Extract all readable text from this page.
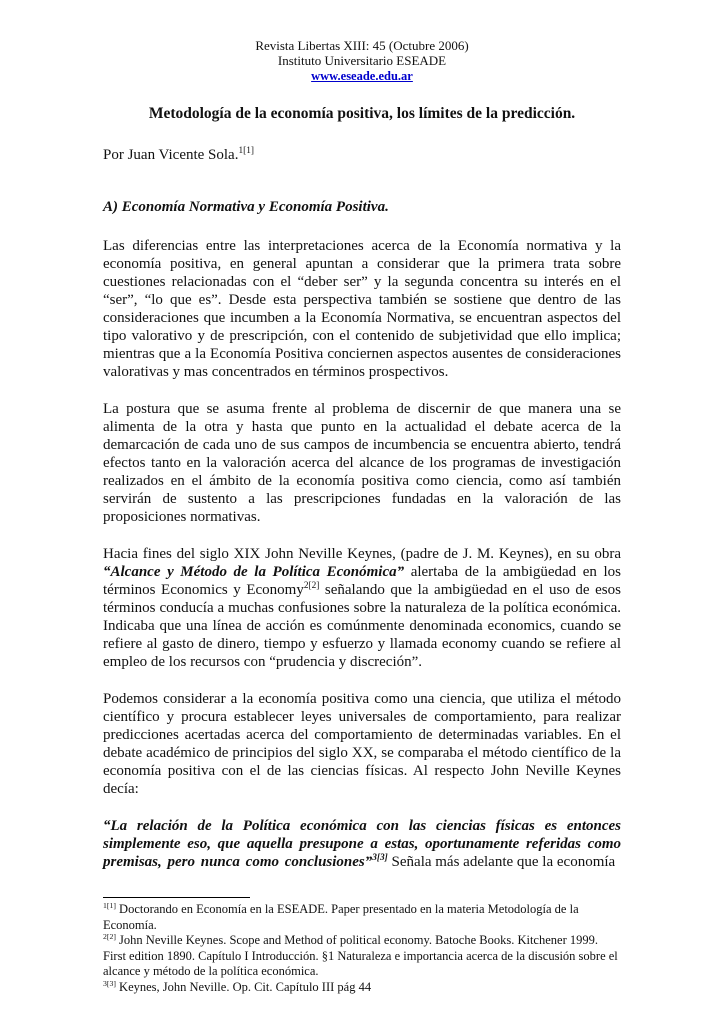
Revista Libertas XIII: 45 (Octubre 2006)
Instituto Universitario ESEADE
www.eseade.edu.ar
Metodología de la economía positiva, los límites de la predicción.

Por Juan Vicente Sola.$^{1[1]}$

A) Economía Normativa y Economía Positiva.

Las diferencias entre las interpretaciones acerca de la Economía normativa y la economía positiva, en general apuntan a considerar que la primera trata sobre cuestiones relacionadas con el “deber ser” y la segunda concentra su interés en el “ser”, “lo que es”. Desde esta perspectiva también se sostiene que dentro de las consideraciones que incumben a la Economía Normativa, se encuentran aspectos del tipo valorativo y de prescripción, con el contenido de subjetividad que ello implica; mientras que a la Economía Positiva conciernen aspectos ausentes de consideraciones valorativas y mas concentrados en términos prospectivos.

La postura que se asuma frente al problema de discernir de que manera una se alimenta de la otra y hasta que punto en la actualidad el debate acerca de la demarcación de cada uno de sus campos de incumbencia se encuentra abierto, tendrá efectos tanto en la valoración acerca del alcance de los programas de investigación realizados en el ámbito de la economía positiva como ciencia, como así también servirán de sustento a las prescripciones fundadas en la valoración de las proposiciones normativas.

Hacia fines del siglo XIX John Neville Keynes, (padre de J. M. Keynes), en su obra “Alcance y Método de la Política Económica” alertaba de la ambigüedad en los términos Economics y Economy$^{2[2]}$ señalando que la ambigüedad en el uso de esos términos conducía a muchas confusiones sobre la naturaleza de la política económica. Indicaba que una línea de acción es comúnmente denominada economics, cuando se refiere al gasto de dinero, tiempo y esfuerzo y llamada economy cuando se refiere al empleo de los recursos con “prudencia y discreción”.

Podemos considerar a la economía positiva como una ciencia, que utiliza el método científico y procura establecer leyes universales de comportamiento, para realizar predicciones acertadas acerca del comportamiento de determinadas variables. En el debate académico de principios del siglo XX, se comparaba el método científico de la economía positiva con el de las ciencias físicas. Al respecto John Neville Keynes decía:

“La relación de la Política económica con las ciencias físicas es entonces simplemente eso, que aquella presupone a estas, oportunamente referidas como premisas, pero nunca como conclusiones”$^{3[3]}$ Señala más adelante que la economía

$^{1[1]}$ Doctorando en Economía en la ESEADE. Paper presentado en la materia Metodología de la Economía.

$^{2[2]}$ John Neville Keynes. Scope and Method of political economy. Batoche Books. Kitchener 1999. First edition 1890. Capítulo I Introducción. §1 Naturaleza e importancia acerca de la discusión sobre el alcance y método de la política económica.

$^{3[3]}$ Keynes, John Neville. Op. Cit. Capítulo III pág 44
